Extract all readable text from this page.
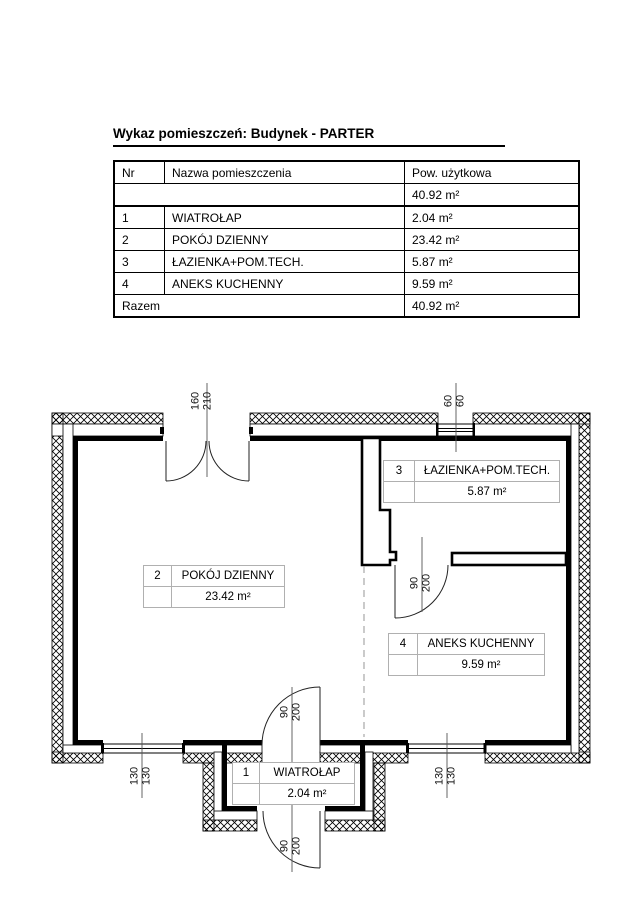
Wykaz pomieszczeń: Budynek - PARTER
Nr	Nazwa pomieszczenia	Pow. użytkowa
		40.92 m²
1	WIATROŁAP	2.04 m²
2	POKÓJ DZIENNY	23.42 m²
3	ŁAZIENKA+POM.TECH.	5.87 m²
4	ANEKS KUCHENNY	9.59 m²
Razem		40.92 m²
2	POKÓJ DZIENNY
23.42 m²
3	ŁAZIENKA+POM.TECH.
5.87 m²
4	ANEKS KUCHENNY
9.59 m²
1	WIATROŁAP
2.04 m²
160 210	60 60
90 200
90 200
90 200
130 130	130 130
